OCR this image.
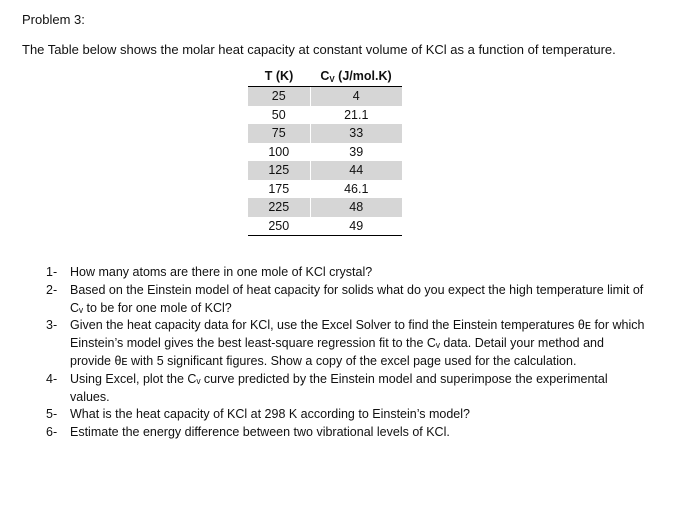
Problem 3:
The Table below shows the molar heat capacity at constant volume of KCl as a function of temperature.
T (K)	$C_V$ (J/mol.K)
25	4
50	21.1
75	33
100	39
125	44
175	46.1
225	48
250	49
1- How many atoms are there in one mole of KCl crystal?
2- Based on the Einstein model of heat capacity for solids what do you expect the high temperature limit of Cᵥ to be for one mole of KCl?
3- Given the heat capacity data for KCl, use the Excel Solver to find the Einstein temperatures θᴇ for which Einstein’s model gives the best least-square regression fit to the Cᵥ data. Detail your method and provide θᴇ with 5 significant figures. Show a copy of the excel page used for the calculation.
4- Using Excel, plot the Cᵥ curve predicted by the Einstein model and superimpose the experimental values.
5- What is the heat capacity of KCl at 298 K according to Einstein’s model?
6- Estimate the energy difference between two vibrational levels of KCl.
